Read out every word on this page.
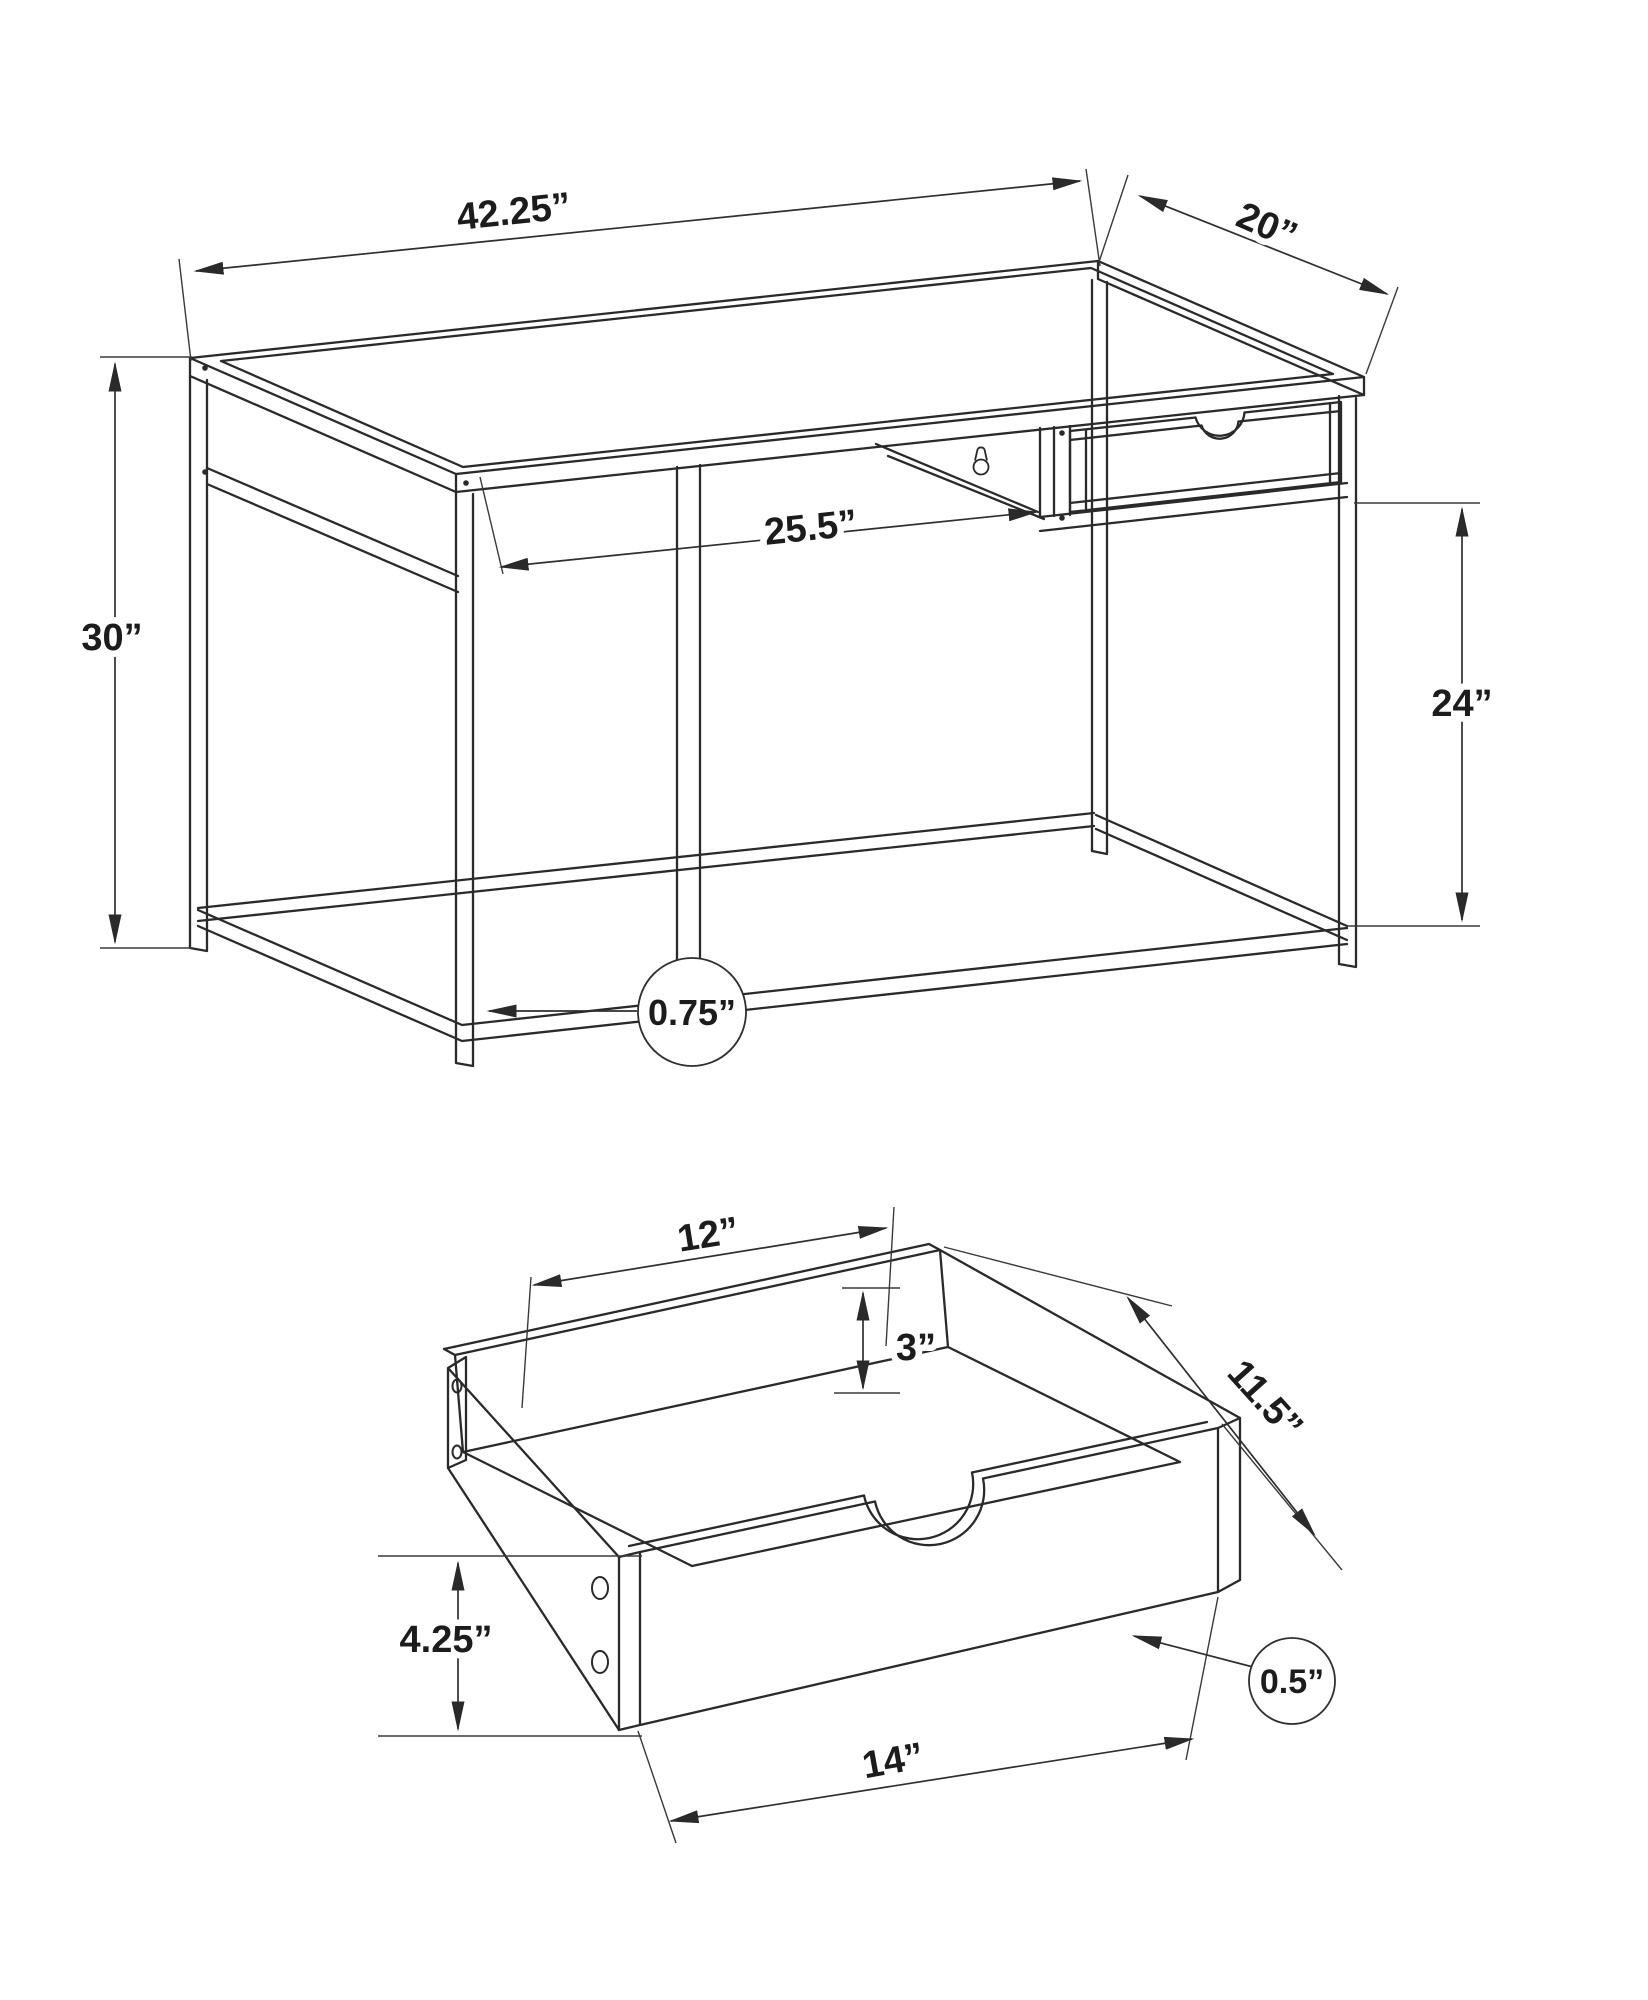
42.25”	20”
30”
25.5”
24”
0.75”
12”
3”
11.5”
4.25”
14”
0.5”
